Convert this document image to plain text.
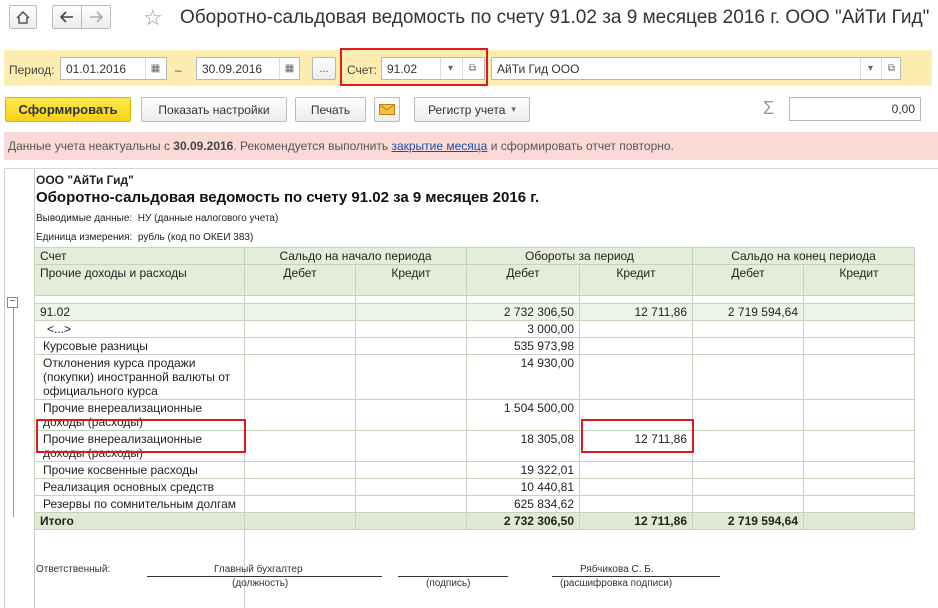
☆ Оборотно-сальдовая ведомость по счету 91.02 за 9 месяцев 2016 г. ООО "АйТи Гид"
Период: 01.01.2016	▦	–	30.09.2016	▦	...	Счет: 91.02	▾	⧉	АйТи Гид ООО	▾	⧉
Сформировать	Показать настройки	Печать	Регистр учета ▾	Σ	0,00
Данные учета неактуальны с 30.09.2016. Рекомендуется выполнить закрытие месяца и сформировать отчет повторно.
ООО "АйТи Гид"
Оборотно-сальдовая ведомость по счету 91.02 за 9 месяцев 2016 г.
Выводимые данные: НУ (данные налогового учета)
Единица измерения: рубль (код по ОКЕИ 383)
−
Счет	Сальдо на начало периода		Обороты за период		Сальдо на конец периода	
Прочие доходы и расходы	Дебет	Кредит	Дебет	Кредит	Дебет	Кредит

91.02			2 732 306,50	12 711,86	2 719 594,64	
<...>			3 000,00			
Курсовые разницы			535 973,98			
Отклонения курса продажи (покупки) иностранной валюты от официального курса			14 930,00			
Прочие внереализационные доходы (расходы)			1 504 500,00			
Прочие внереализационные доходы (расходы)			18 305,08	12 711,86		
Прочие косвенные расходы			19 322,01			
Реализация основных средств			10 440,81			
Резервы по сомнительным долгам			625 834,62			
Итого			2 732 306,50	12 711,86	2 719 594,64	
Ответственный:	Главный бухгалтер
(должность)	(подпись)
Рябчикова С. Б.
(расшифровка подписи)
